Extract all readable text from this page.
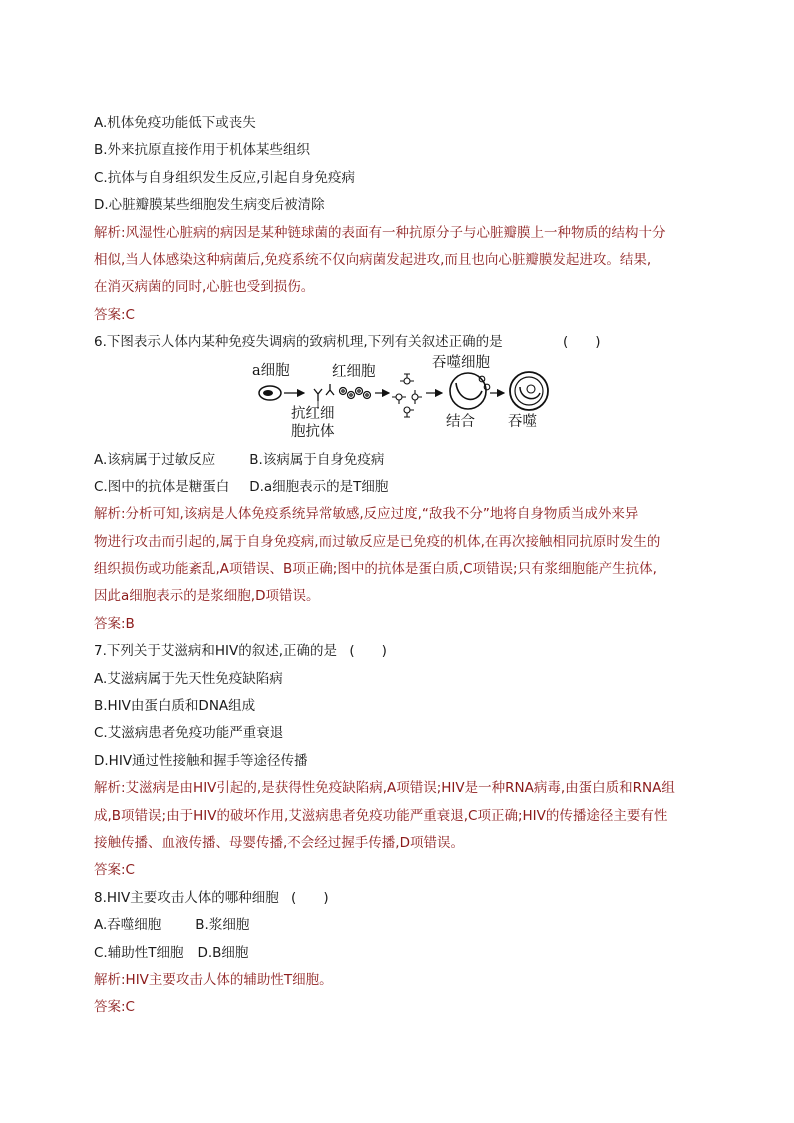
A.机体免疫功能低下或丧失
B.外来抗原直接作用于机体某些组织
C.抗体与自身组织发生反应,引起自身免疫病
D.心脏瓣膜某些细胞发生病变后被清除
解析:风湿性心脏病的病因是某种链球菌的表面有一种抗原分子与心脏瓣膜上一种物质的结构十分
相似,当人体感染这种病菌后,免疫系统不仅向病菌发起进攻,而且也向心脏瓣膜发起进攻。结果,
在消灭病菌的同时,心脏也受到损伤。
答案:C
6.下图表示人体内某种免疫失调病的致病机理,下列有关叙述正确的是	(　　)
a细胞	红细胞
吞噬细胞
抗红细
胞抗体
结合 吞噬
A.该病属于过敏反应	B.该病属于自身免疫病
C.图中的抗体是糖蛋白 D.a细胞表示的是T细胞
解析:分析可知,该病是人体免疫系统异常敏感,反应过度,“敌我不分”地将自身物质当成外来异
物进行攻击而引起的,属于自身免疫病,而过敏反应是已免疫的机体,在再次接触相同抗原时发生的
组织损伤或功能紊乱,A项错误、B项正确;图中的抗体是蛋白质,C项错误;只有浆细胞能产生抗体,
因此a细胞表示的是浆细胞,D项错误。
答案:B
7.下列关于艾滋病和HIV的叙述,正确的是 (　　)
A.艾滋病属于先天性免疫缺陷病
B.HIV由蛋白质和DNA组成
C.艾滋病患者免疫功能严重衰退
D.HIV通过性接触和握手等途径传播
解析:艾滋病是由HIV引起的,是获得性免疫缺陷病,A项错误;HIV是一种RNA病毒,由蛋白质和RNA组
成,B项错误;由于HIV的破坏作用,艾滋病患者免疫功能严重衰退,C项正确;HIV的传播途径主要有性
接触传播、血液传播、母婴传播,不会经过握手传播,D项错误。
答案:C
8.HIV主要攻击人体的哪种细胞 (　　)
A.吞噬细胞	B.浆细胞
C.辅助性T细胞 D.B细胞
解析:HIV主要攻击人体的辅助性T细胞。
答案:C
